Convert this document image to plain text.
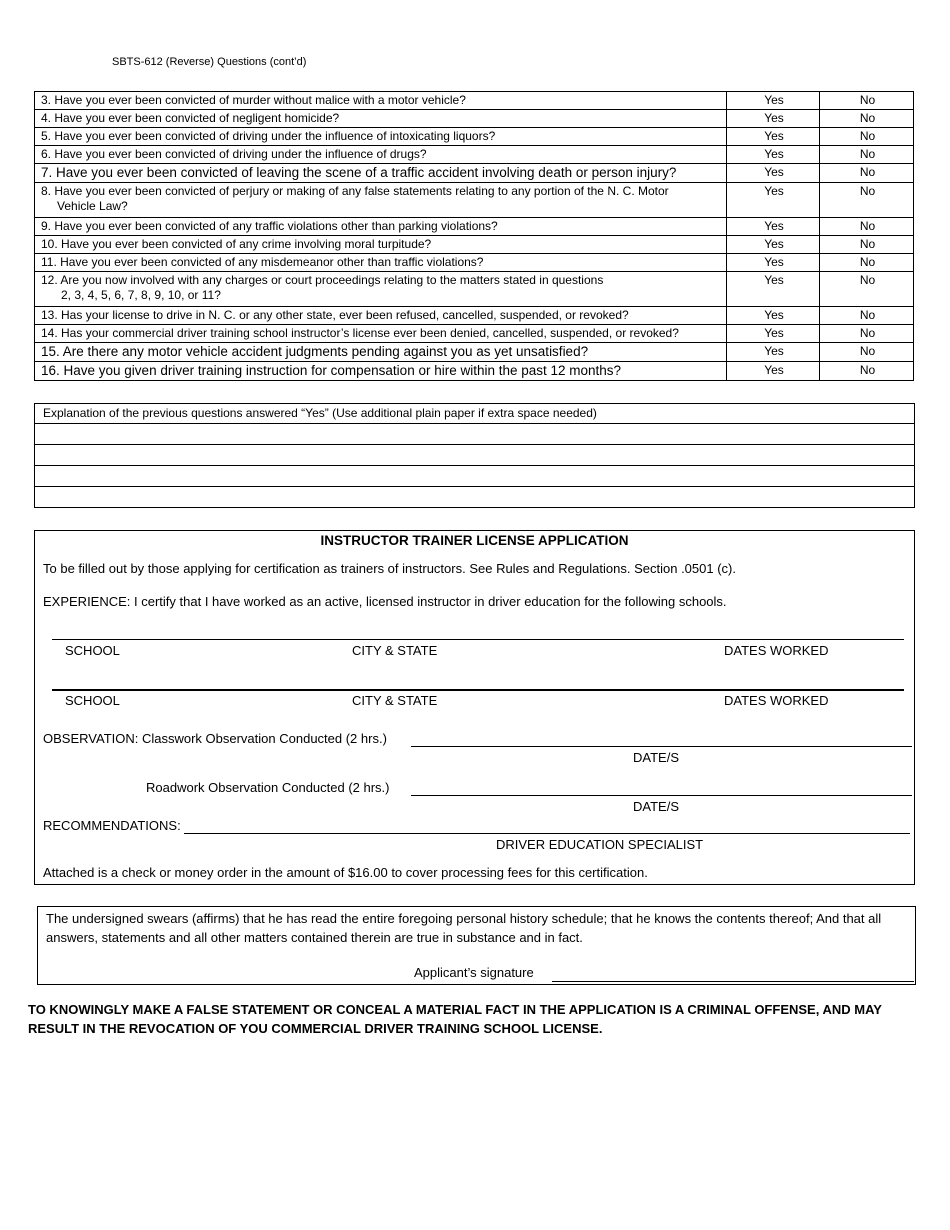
SBTS-612 (Reverse) Questions (cont’d)
3. Have you ever been convicted of murder without malice with a motor vehicle?	Yes	No
4. Have you ever been convicted of negligent homicide?	Yes	No
5. Have you ever been convicted of driving under the influence of intoxicating liquors?	Yes	No
6. Have you ever been convicted of driving under the influence of drugs?	Yes	No
7. Have you ever been convicted of leaving the scene of a traffic accident involving death or person injury?	Yes	No

8. Have you ever been convicted of perjury or making of any false statements relating to any portion of the N. C. Motor
Vehicle Law?	Yes	No
9. Have you ever been convicted of any traffic violations other than parking violations?	Yes	No
10. Have you ever been convicted of any crime involving moral turpitude?	Yes	No
11. Have you ever been convicted of any misdemeanor other than traffic violations?	Yes	No

12. Are you now involved with any charges or court proceedings relating to the matters stated in questions
2, 3, 4, 5, 6, 7, 8, 9, 10, or 11?	Yes	No
13. Has your license to drive in N. C. or any other state, ever been refused, cancelled, suspended, or revoked?	Yes	No
14. Has your commercial driver training school instructor’s license ever been denied, cancelled, suspended, or revoked?	Yes	No
15. Are there any motor vehicle accident judgments pending against you as yet unsatisfied?	Yes	No
16. Have you given driver training instruction for compensation or hire within the past 12 months?	Yes	No
Explanation of the previous questions answered “Yes” (Use additional plain paper if extra space needed)
INSTRUCTOR TRAINER LICENSE APPLICATION
To be filled out by those applying for certification as trainers of instructors. See Rules and Regulations. Section .0501 (c).
EXPERIENCE: I certify that I have worked as an active, licensed instructor in driver education for the following schools.
SCHOOL	CITY & STATE	DATES WORKED
SCHOOL	CITY & STATE	DATES WORKED
OBSERVATION: Classwork Observation Conducted (2 hrs.)
DATE/S
Roadwork Observation Conducted (2 hrs.)
DATE/S
RECOMMENDATIONS:
DRIVER EDUCATION SPECIALIST
Attached is a check or money order in the amount of $16.00 to cover processing fees for this certification.
The undersigned swears (affirms) that he has read the entire foregoing personal history schedule; that he knows the contents thereof; And that all answers, statements and all other matters contained therein are true in substance and in fact.
Applicant’s signature
TO KNOWINGLY MAKE A FALSE STATEMENT OR CONCEAL A MATERIAL FACT IN THE APPLICATION IS A CRIMINAL OFFENSE, AND MAY RESULT IN THE REVOCATION OF YOU COMMERCIAL DRIVER TRAINING SCHOOL LICENSE.
